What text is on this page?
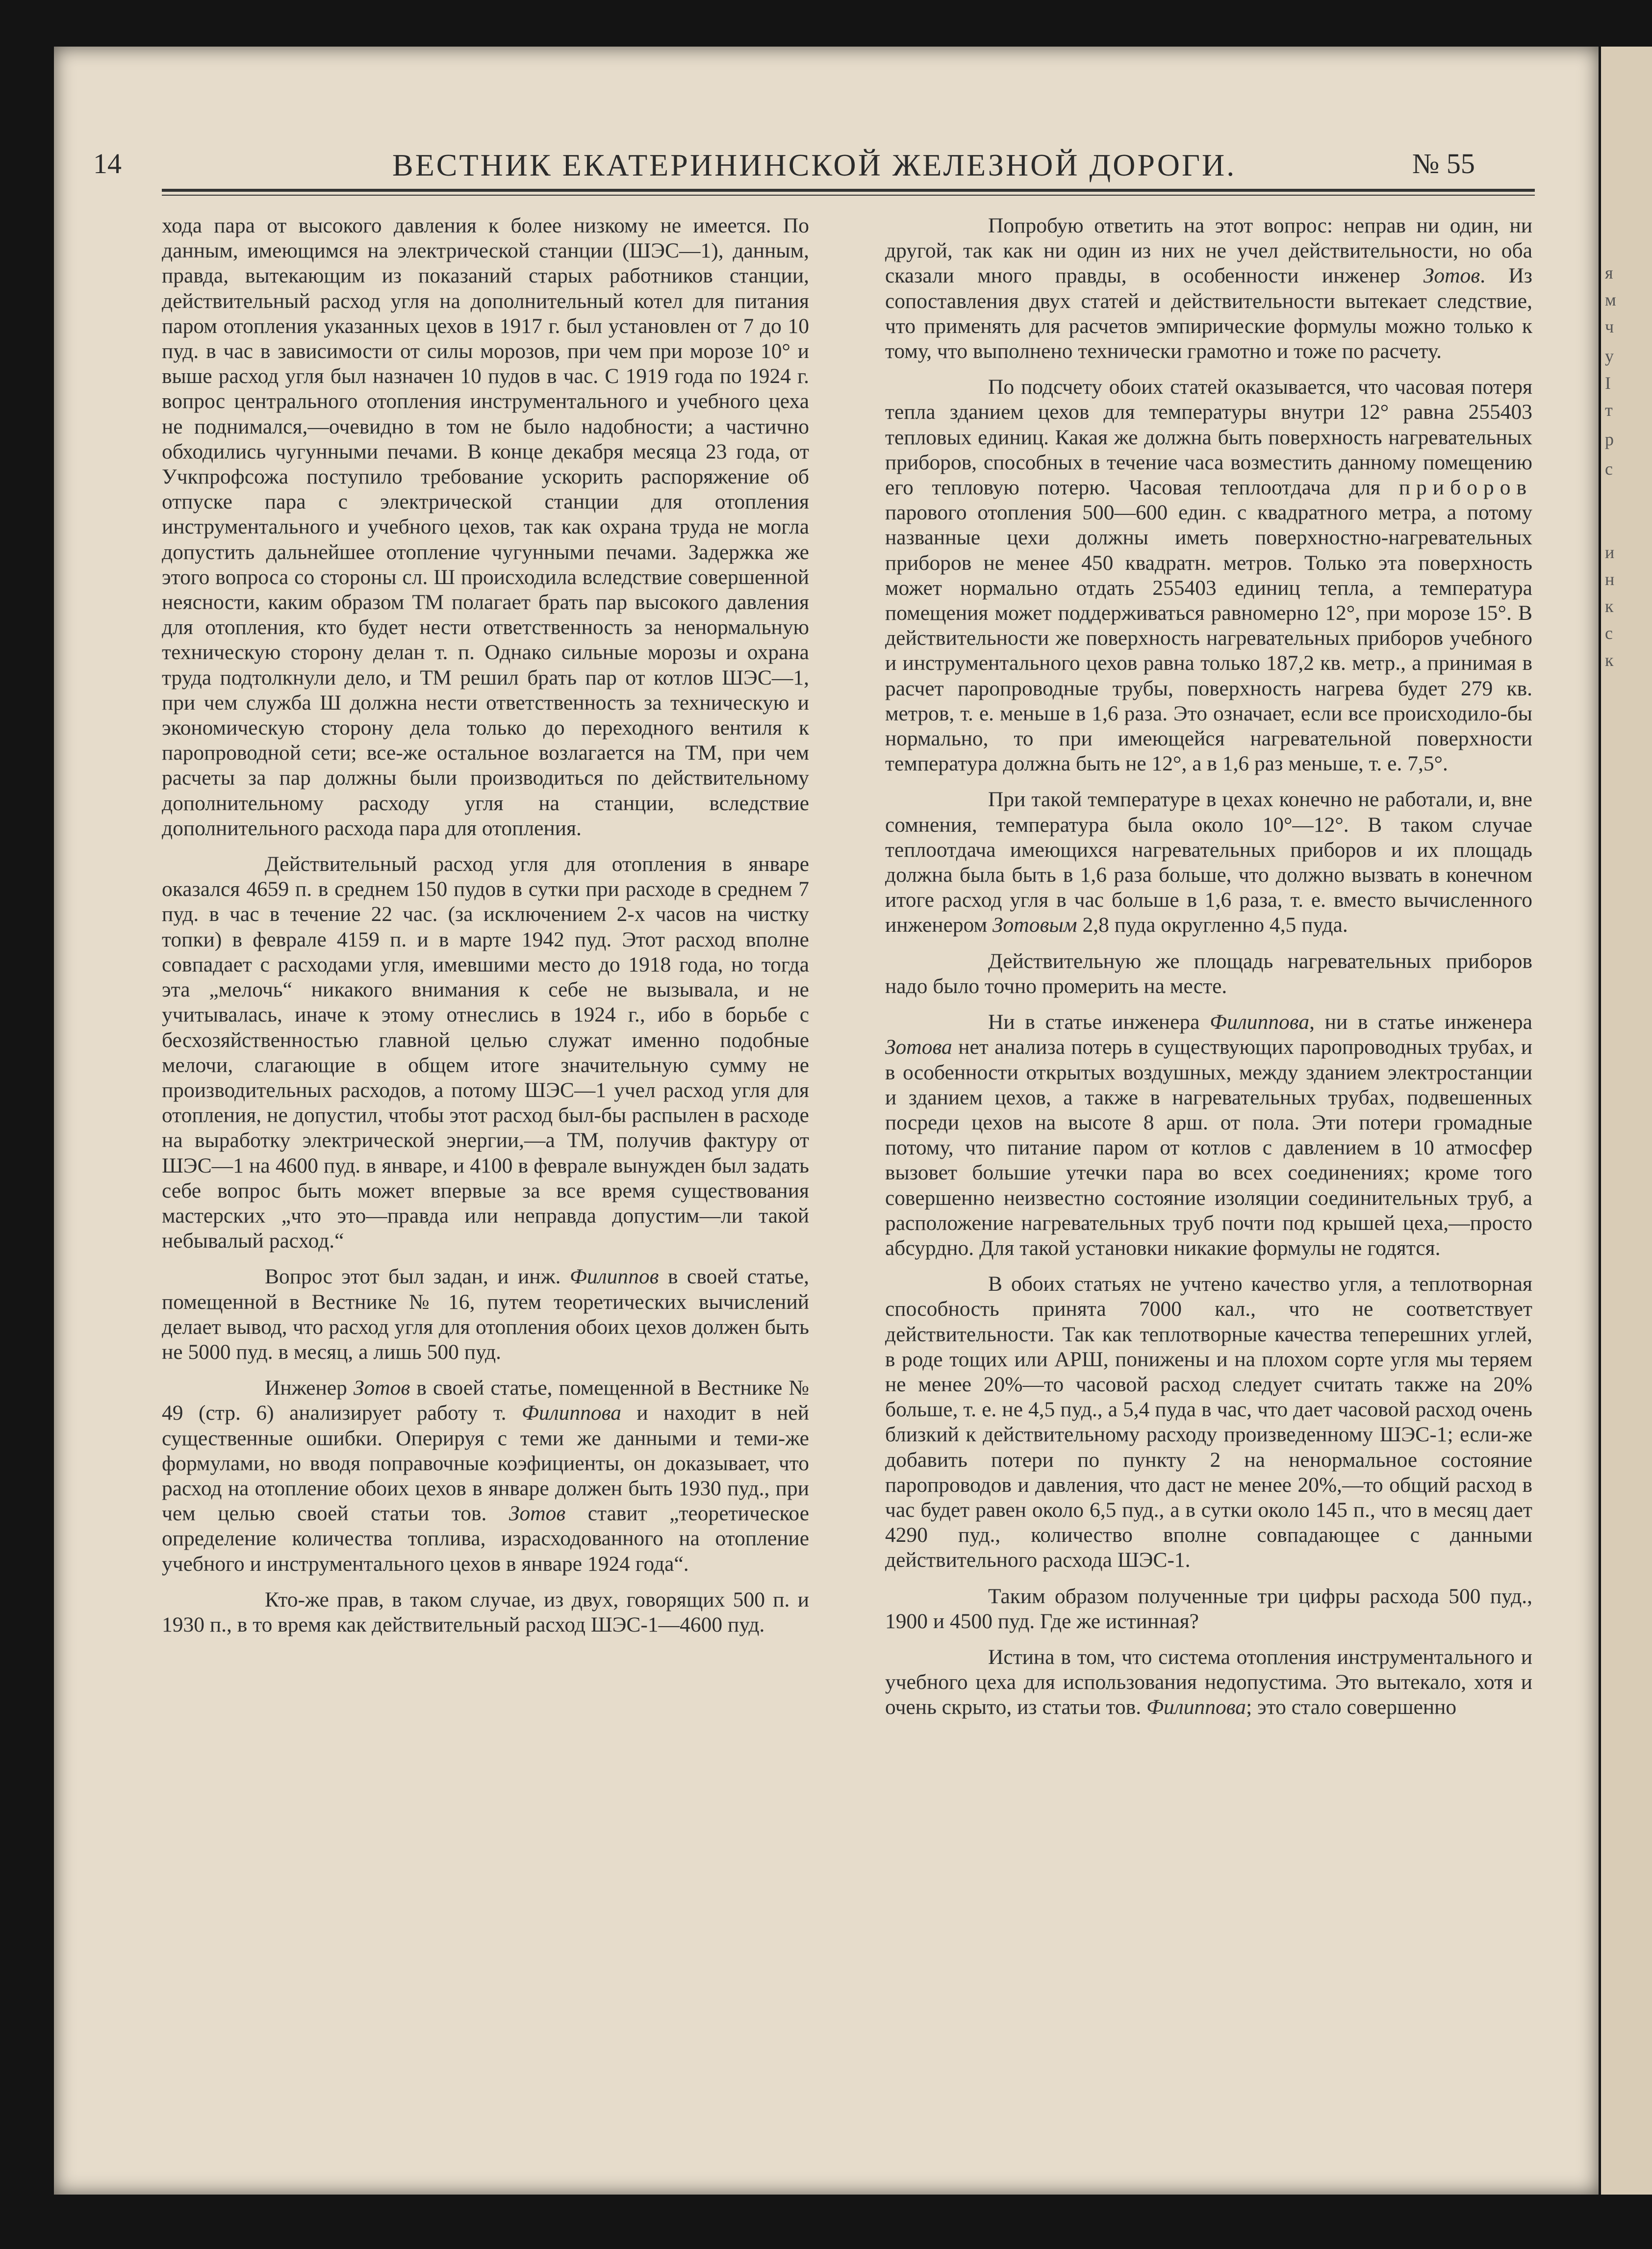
я
м
ч
у
I
т
р
с
и
н
к
с
к
14	ВЕСТНИК ЕКАТЕРИНИНСКОЙ ЖЕЛЕЗНОЙ ДОРОГИ.	№ 55

хода пара от высокого давления к более низкому не имеется. По данным, имеющимся на электрической станции (ШЭС—1), данным, правда, вытекающим из показаний старых работников станции, действительный расход угля на дополнительный котел для питания паром отопления указанных цехов в 1917 г. был установлен от 7 до 10 пуд. в час в зависимости от силы морозов, при чем при морозе 10° и выше расход угля был назначен 10 пудов в час. С 1919 года по 1924 г. вопрос центрального отопления инструментального и учебного цеха не поднимался,—очевидно в том не было надобности; а частично обходились чугунными печами. В конце декабря месяца 23 года, от Учкпрофсожа поступило требование ускорить распоряжение об отпуске пара с электрической станции для отопления инструментального и учебного цехов, так как охрана труда не могла допустить дальнейшее отопление чугунными печами. Задержка же этого вопроса со стороны сл. Ш происходила вследствие совершенной неясности, каким образом ТМ полагает брать пар высокого давления для отопления, кто будет нести ответственность за ненормальную техническую сторону делан т. п. Однако сильные морозы и охрана труда подтолкнули дело, и ТМ решил брать пар от котлов ШЭС—1, при чем служба Ш должна нести ответственность за техническую и экономическую сторону дела только до переходного вентиля к паропроводной сети; все-же остальное возлагается на ТМ, при чем расчеты за пар должны были производиться по действительному дополнительному расходу угля на станции, вследствие дополнительного расхода пара для отопления.

Действительный расход угля для отопления в январе оказался 4659 п. в среднем 150 пудов в сутки при расходе в среднем 7 пуд. в час в течение 22 час. (за исключением 2-х часов на чистку топки) в феврале 4159 п. и в марте 1942 пуд. Этот расход вполне совпадает с расходами угля, имевшими место до 1918 года, но тогда эта „мелочь“ никакого внимания к себе не вызывала, и не учитывалась, иначе к этому отнеслись в 1924 г., ибо в борьбе с бесхозяйственностью главной целью служат именно подобные мелочи, слагающие в общем итоге значительную сумму не производительных расходов, а потому ШЭС—1 учел расход угля для отопления, не допустил, чтобы этот расход был-бы распылен в расходе на выработку электрической энергии,—а ТМ, получив фактуру от ШЭС—1 на 4600 пуд. в январе, и 4100 в феврале вынужден был задать себе вопрос быть может впервые за все время существования мастерских „что это—правда или неправда допустим—ли такой небывалый расход.“

Вопрос этот был задан, и инж. Филиппов в своей статье, помещенной в Вестнике № 16, путем теоретических вычислений делает вывод, что расход угля для отопления обоих цехов должен быть не 5000 пуд. в месяц, а лишь 500 пуд.

Инженер Зотов в своей статье, помещенной в Вестнике № 49 (стр. 6) анализирует работу т. Филиппова и находит в ней существенные ошибки. Оперируя с теми же данными и теми-же формулами, но вводя поправочные коэфициенты, он доказывает, что расход на отопление обоих цехов в январе должен быть 1930 пуд., при чем целью своей статьи тов. Зотов ставит „теоретическое определение количества топлива, израсходованного на отопление учебного и инструментального цехов в январе 1924 года“.

Кто-же прав, в таком случае, из двух, говорящих 500 п. и 1930 п., в то время как действительный расход ШЭС-1—4600 пуд.

Попробую ответить на этот вопрос: неправ ни один, ни другой, так как ни один из них не учел действительности, но оба сказали много правды, в особенности инженер Зотов. Из сопоставления двух статей и действительности вытекает следствие, что применять для расчетов эмпирические формулы можно только к тому, что выполнено технически грамотно и тоже по расчету.

По подсчету обоих статей оказывается, что часовая потеря тепла зданием цехов для температуры внутри 12° равна 255403 тепловых единиц. Какая же должна быть поверхность нагревательных приборов, способных в течение часа возместить данному помещению его тепловую потерю. Часовая теплоотдача для приборов парового отопления 500—600 един. с квадратного метра, а потому названные цехи должны иметь поверхностно-нагревательных приборов не менее 450 квадратн. метров. Только эта поверхность может нормально отдать 255403 единиц тепла, а температура помещения может поддерживаться равномерно 12°, при морозе 15°. В действительности же поверхность нагревательных приборов учебного и инструментального цехов равна только 187,2 кв. метр., а принимая в расчет паропроводные трубы, поверхность нагрева будет 279 кв. метров, т. е. меньше в 1,6 раза. Это означает, если все происходило-бы нормально, то при имеющейся нагревательной поверхности температура должна быть не 12°, а в 1,6 раз меньше, т. е. 7,5°.

При такой температуре в цехах конечно не работали, и, вне сомнения, температура была около 10°—12°. В таком случае теплоотдача имеющихся нагревательных приборов и их площадь должна была быть в 1,6 раза больше, что должно вызвать в конечном итоге расход угля в час больше в 1,6 раза, т. е. вместо вычисленного инженером Зотовым 2,8 пуда округленно 4,5 пуда.

Действительную же площадь нагревательных приборов надо было точно промерить на месте.

Ни в статье инженера Филиппова, ни в статье инженера Зотова нет анализа потерь в существующих паропроводных трубах, и в особенности открытых воздушных, между зданием электростанции и зданием цехов, а также в нагревательных трубах, подвешенных посреди цехов на высоте 8 арш. от пола. Эти потери громадные потому, что питание паром от котлов с давлением в 10 атмосфер вызовет большие утечки пара во всех соединениях; кроме того совершенно неизвестно состояние изоляции соединительных труб, а расположение нагревательных труб почти под крышей цеха,—просто абсурдно. Для такой установки никакие формулы не годятся.

В обоих статьях не учтено качество угля, а теплотворная способность принята 7000 кал., что не соответствует действительности. Так как теплотворные качества теперешних углей, в роде тощих или АРШ, понижены и на плохом сорте угля мы теряем не менее 20%—то часовой расход следует считать также на 20% больше, т. е. не 4,5 пуд., а 5,4 пуда в час, что дает часовой расход очень близкий к действительному расходу произведенному ШЭС-1; если-же добавить потери по пункту 2 на ненормальное состояние паропроводов и давления, что даст не менее 20%,—то общий расход в час будет равен около 6,5 пуд., а в сутки около 145 п., что в месяц дает 4290 пуд., количество вполне совпадающее с данными действительного расхода ШЭС-1.

Таким образом полученные три цифры расхода 500 пуд., 1900 и 4500 пуд. Где же истинная?

Истина в том, что система отопления инструментального и учебного цеха для использования недопустима. Это вытекало, хотя и очень скрыто, из статьи тов. Филиппова; это стало совершенно
